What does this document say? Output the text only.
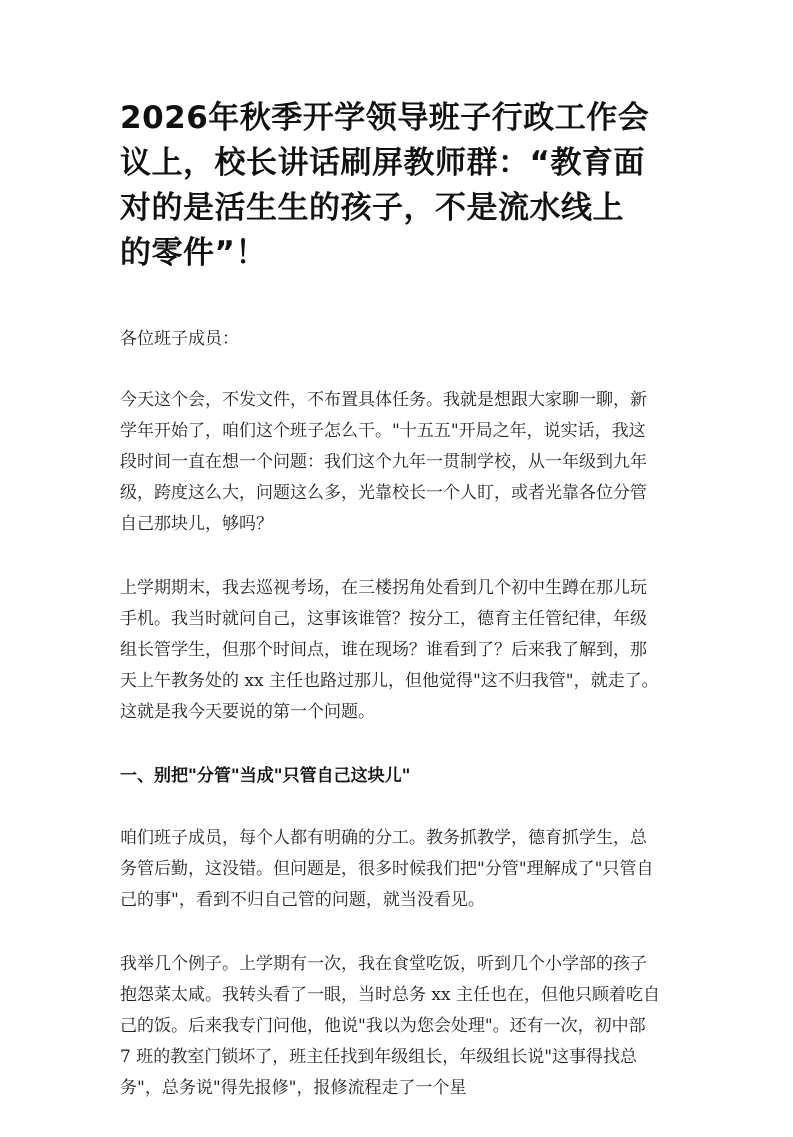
2026年秋季开学领导班子行政工作会议上，校长讲话刷屏教师群：“教育面对的是活生生的孩子，不是流水线上的零件”！

各位班子成员：

今天这个会，不发文件，不布置具体任务。我就是想跟大家聊一聊，新学年开始了，咱们这个班子怎么干。"十五五"开局之年，说实话，我这段时间一直在想一个问题：我们这个九年一贯制学校，从一年级到九年级，跨度这么大，问题这么多，光靠校长一个人盯，或者光靠各位分管自己那块儿，够吗？

上学期期末，我去巡视考场，在三楼拐角处看到几个初中生蹲在那儿玩手机。我当时就问自己，这事该谁管？按分工，德育主任管纪律，年级组长管学生，但那个时间点，谁在现场？谁看到了？后来我了解到，那天上午教务处的 xx 主任也路过那儿，但他觉得"这不归我管"，就走了。这就是我今天要说的第一个问题。

一、别把"分管"当成"只管自己这块儿"

咱们班子成员，每个人都有明确的分工。教务抓教学，德育抓学生，总务管后勤，这没错。但问题是，很多时候我们把"分管"理解成了"只管自己的事"，看到不归自己管的问题，就当没看见。

我举几个例子。上学期有一次，我在食堂吃饭，听到几个小学部的孩子抱怨菜太咸。我转头看了一眼，当时总务 xx 主任也在，但他只顾着吃自己的饭。后来我专门问他，他说"我以为您会处理"。还有一次，初中部 7 班的教室门锁坏了，班主任找到年级组长，年级组长说"这事得找总务"，总务说"得先报修"，报修流程走了一个星
